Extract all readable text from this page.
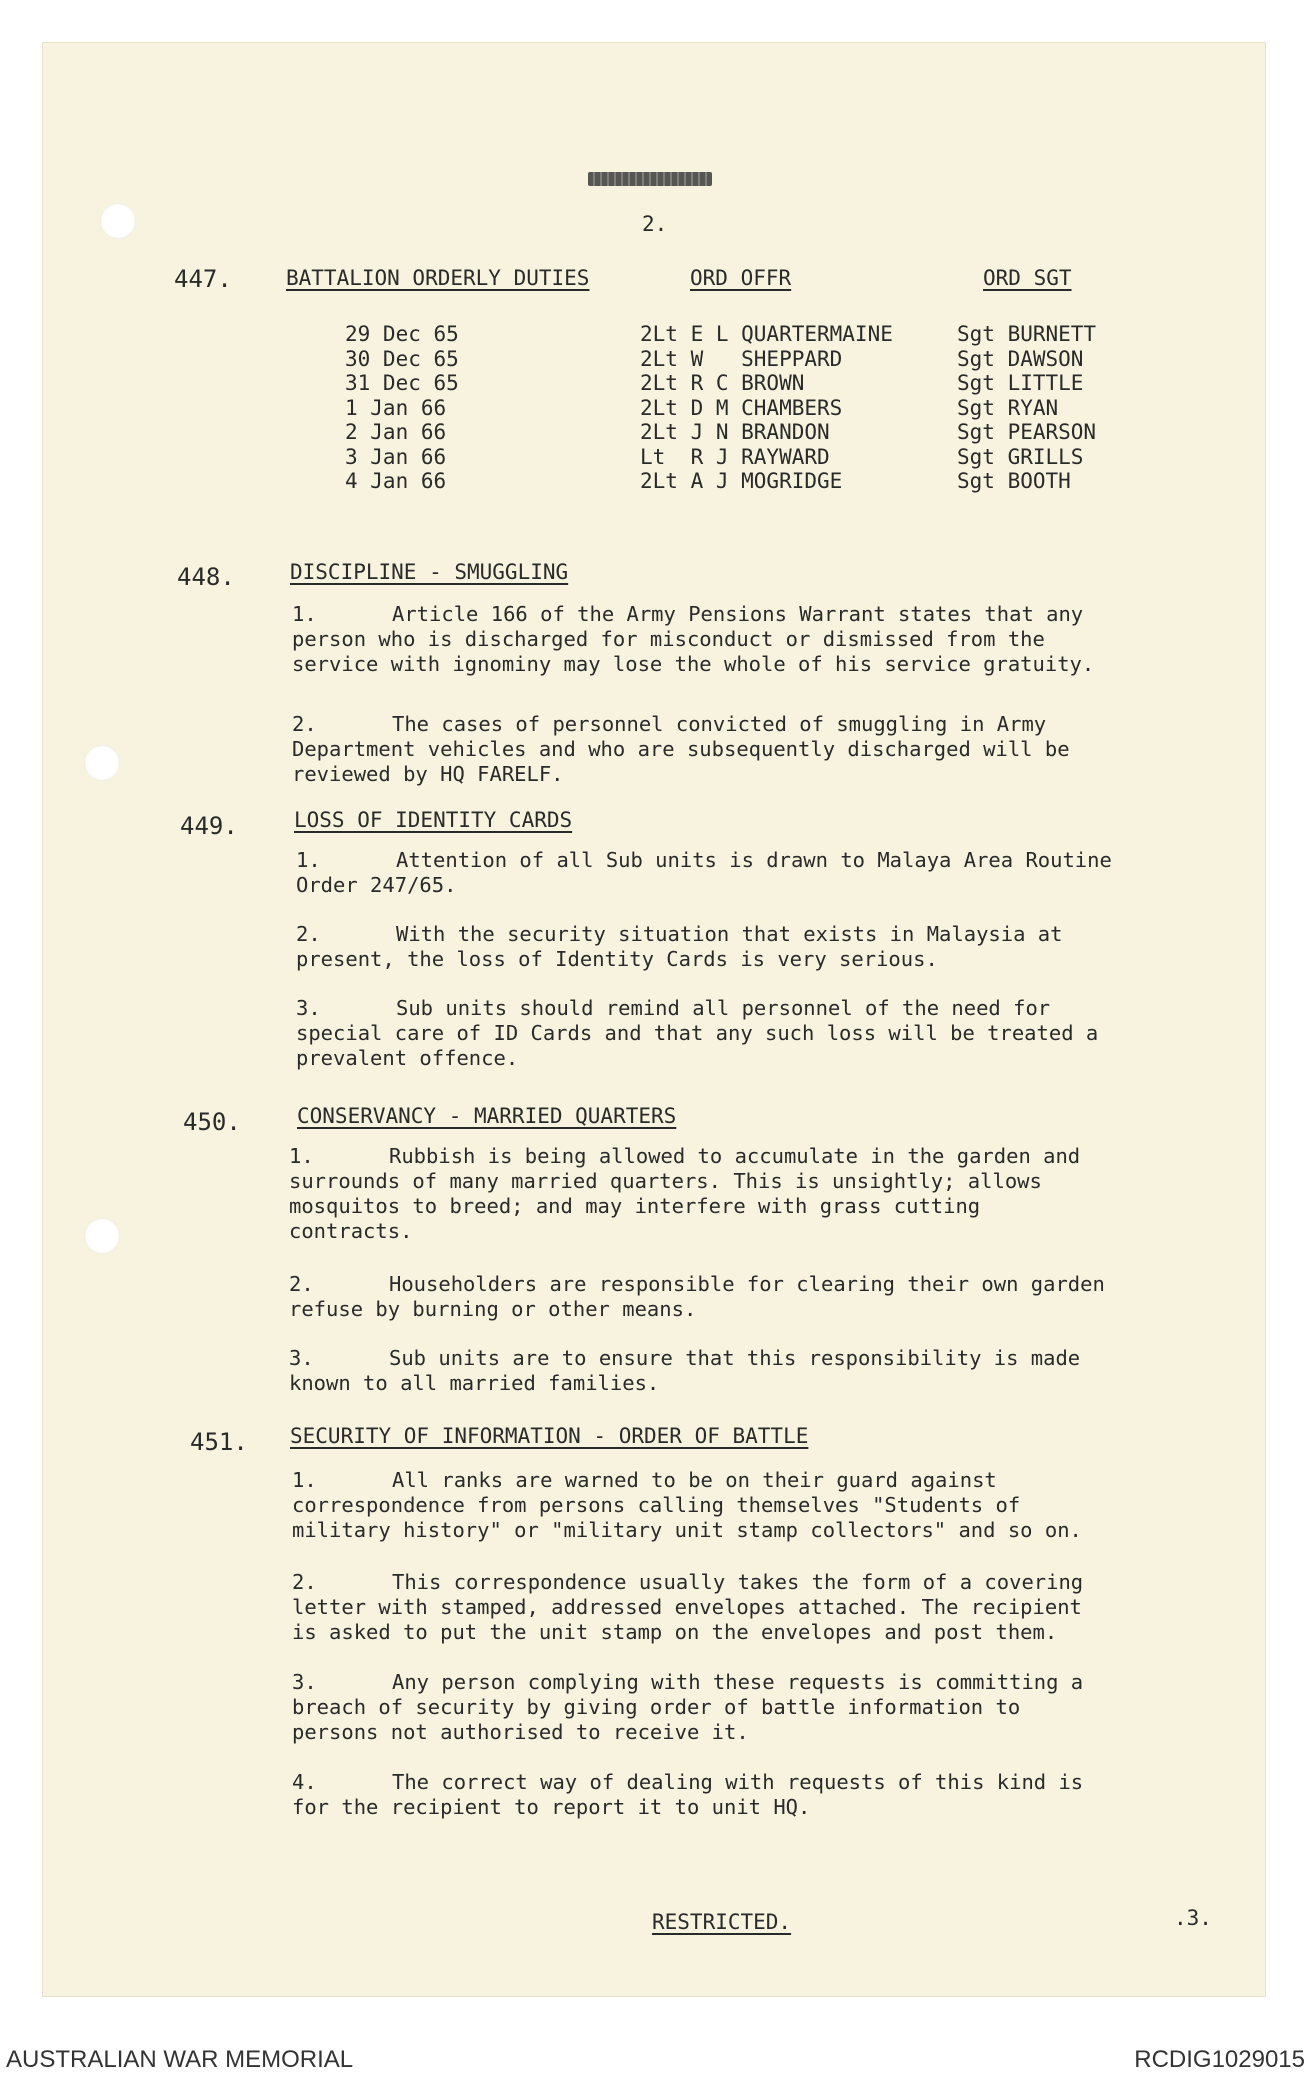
2.
447.	BATTALION ORDERLY DUTIES	ORD OFFR	ORD SGT
29 Dec 65	2Lt E L QUARTERMAINE	Sgt BURNETT
30 Dec 65	2Lt W   SHEPPARD	Sgt DAWSON
31 Dec 65	2Lt R C BROWN	Sgt LITTLE
1 Jan 66	2Lt D M CHAMBERS	Sgt RYAN
2 Jan 66	2Lt J N BRANDON	Sgt PEARSON
3 Jan 66	Lt  R J RAYWARD	Sgt GRILLS
4 Jan 66	2Lt A J MOGRIDGE	Sgt BOOTH
448.	DISCIPLINE - SMUGGLING
1.	Article 166 of the Army Pensions Warrant states that any person who is discharged for misconduct or dismissed from the service with ignominy may lose the whole of his service gratuity.
2.	The cases of personnel convicted of smuggling in Army Department vehicles and who are subsequently discharged will be reviewed by HQ FARELF.
449.	LOSS OF IDENTITY CARDS
1.	Attention of all Sub units is drawn to Malaya Area Routine Order 247/65.
2.	With the security situation that exists in Malaysia at present, the loss of Identity Cards is very serious.
3.	Sub units should remind all personnel of the need for special care of ID Cards and that any such loss will be treated a prevalent offence.
450.	CONSERVANCY - MARRIED QUARTERS
1.	Rubbish is being allowed to accumulate in the garden and surrounds of many married quarters. This is unsightly; allows mosquitos to breed; and may interfere with grass cutting contracts.
2.	Householders are responsible for clearing their own garden refuse by burning or other means.
3.	Sub units are to ensure that this responsibility is made known to all married families.
451. SECURITY OF INFORMATION - ORDER OF BATTLE
1.	All ranks are warned to be on their guard against correspondence from persons calling themselves "Students of military history" or "military unit stamp collectors" and so on.
2.	This correspondence usually takes the form of a covering letter with stamped, addressed envelopes attached. The recipient is asked to put the unit stamp on the envelopes and post them.
3.	Any person complying with these requests is committing a breach of security by giving order of battle information to persons not authorised to receive it.
4.	The correct way of dealing with requests of this kind is for the recipient to report it to unit HQ.
RESTRICTED.	.3.
AUSTRALIAN WAR MEMORIAL	RCDIG1029015
